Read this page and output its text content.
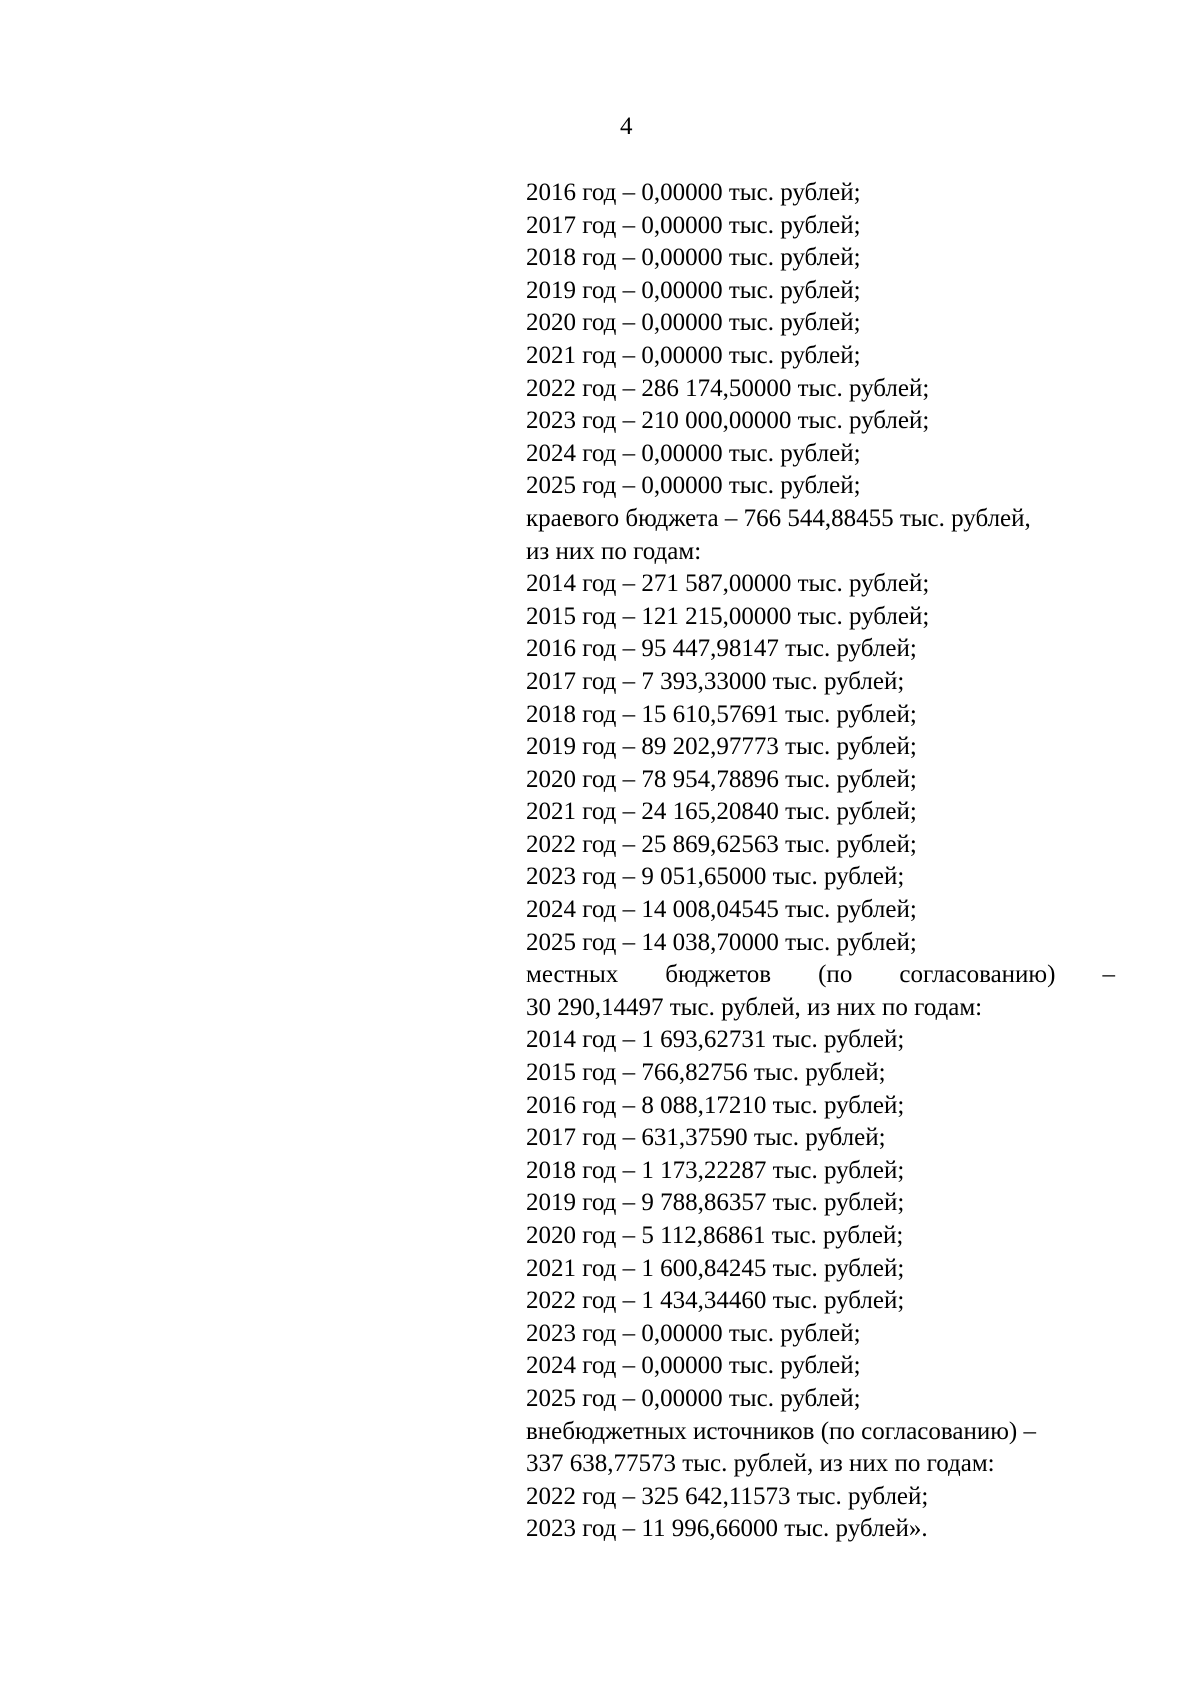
4
2016 год – 0,00000 тыс. рублей;
2017 год – 0,00000 тыс. рублей;
2018 год – 0,00000 тыс. рублей;
2019 год – 0,00000 тыс. рублей;
2020 год – 0,00000 тыс. рублей;
2021 год – 0,00000 тыс. рублей;
2022 год – 286 174,50000 тыс. рублей;
2023 год – 210 000,00000 тыс. рублей;
2024 год – 0,00000 тыс. рублей;
2025 год – 0,00000 тыс. рублей;
краевого бюджета – 766 544,88455 тыс. рублей,
из них по годам:
2014 год – 271 587,00000 тыс. рублей;
2015 год – 121 215,00000 тыс. рублей;
2016 год – 95 447,98147 тыс. рублей;
2017 год – 7 393,33000 тыс. рублей;
2018 год – 15 610,57691 тыс. рублей;
2019 год – 89 202,97773 тыс. рублей;
2020 год – 78 954,78896 тыс. рублей;
2021 год – 24 165,20840 тыс. рублей;
2022 год – 25 869,62563 тыс. рублей;
2023 год – 9 051,65000 тыс. рублей;
2024 год – 14 008,04545 тыс. рублей;
2025 год – 14 038,70000 тыс. рублей;
местных бюджетов (по согласованию) –
30 290,14497 тыс. рублей, из них по годам:
2014 год – 1 693,62731 тыс. рублей;
2015 год – 766,82756 тыс. рублей;
2016 год – 8 088,17210 тыс. рублей;
2017 год – 631,37590 тыс. рублей;
2018 год – 1 173,22287 тыс. рублей;
2019 год – 9 788,86357 тыс. рублей;
2020 год – 5 112,86861 тыс. рублей;
2021 год – 1 600,84245 тыс. рублей;
2022 год – 1 434,34460 тыс. рублей;
2023 год – 0,00000 тыс. рублей;
2024 год – 0,00000 тыс. рублей;
2025 год – 0,00000 тыс. рублей;
внебюджетных источников (по согласованию) –
337 638,77573 тыс. рублей, из них по годам:
2022 год – 325 642,11573 тыс. рублей;
2023 год – 11 996,66000 тыс. рублей».
